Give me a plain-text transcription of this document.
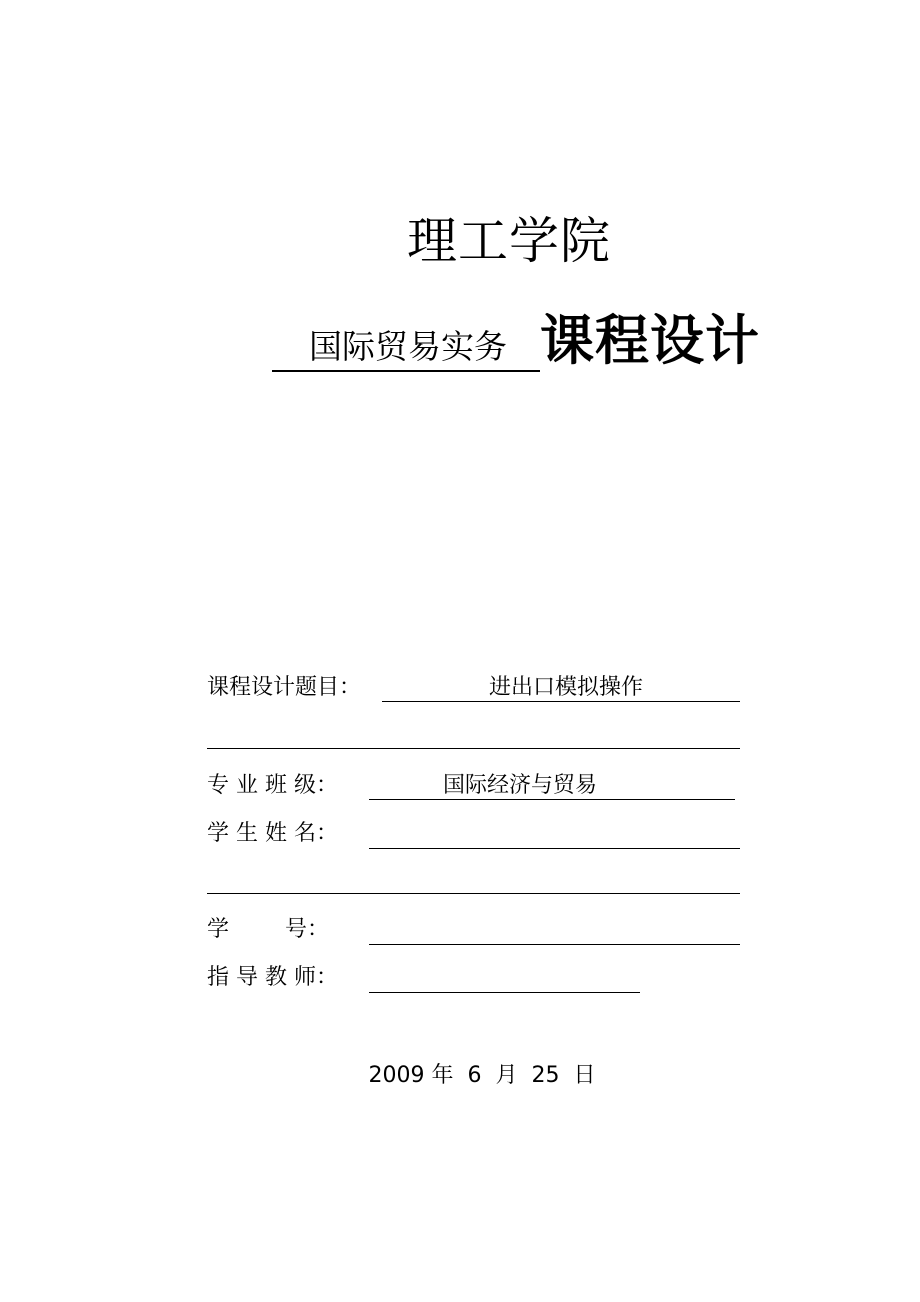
理工学院
国际贸易实务 课程设计
课程设计题目：	进出口模拟操作
专 业 班 级：	国际经济与贸易
学 生 姓 名：
学        号：
指 导 教 师：
2009 年  6  月  25  日
